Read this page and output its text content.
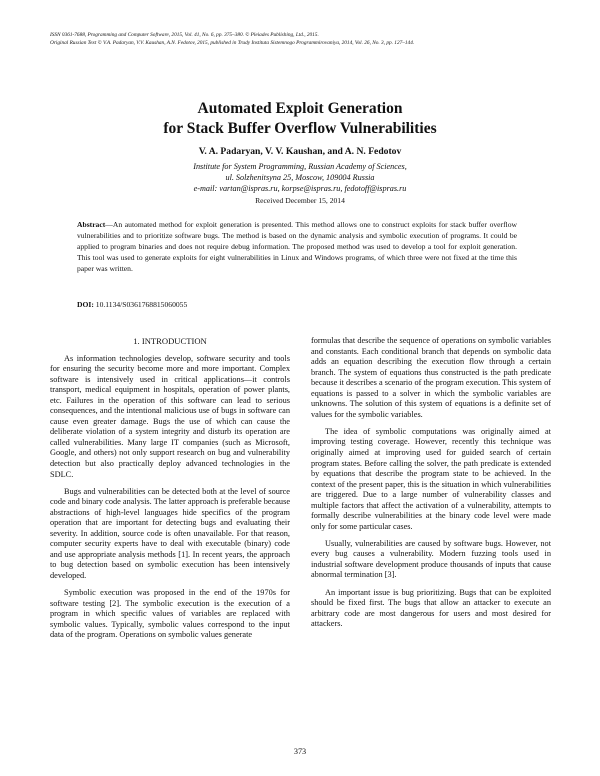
ISSN 0361-7688, Programming and Computer Software, 2015, Vol. 41, No. 6, pp. 375–380. © Pleiades Publishing, Ltd., 2015.
Original Russian Text © V.A. Padaryan, V.V. Kaushan, A.N. Fedotov, 2015, published in Trudy Instituta Sistemnogo Programmirovaniya, 2014, Vol. 26, No. 3, pp. 127–144.
Automated Exploit Generation
for Stack Buffer Overflow Vulnerabilities
V. A. Padaryan, V. V. Kaushan, and A. N. Fedotov
Institute for System Programming, Russian Academy of Sciences,
ul. Solzhenitsyna 25, Moscow, 109004 Russia
e-mail: vartan@ispras.ru, korpse@ispras.ru, fedotoff@ispras.ru
Received December 15, 2014
Abstract—An automated method for exploit generation is presented. This method allows one to construct exploits for stack buffer overflow vulnerabilities and to prioritize software bugs. The method is based on the dynamic analysis and symbolic execution of programs. It could be applied to program binaries and does not require debug information. The proposed method was used to develop a tool for exploit generation. This tool was used to generate exploits for eight vulnerabilities in Linux and Windows programs, of which three were not fixed at the time this paper was written.
DOI: 10.1134/S0361768815060055
1. INTRODUCTION

As information technologies develop, software security and tools for ensuring the security become more and more important. Complex software is intensively used in critical applications—it controls transport, medical equipment in hospitals, operation of power plants, etc. Failures in the operation of this software can lead to serious consequences, and the intentional malicious use of bugs in software can cause even greater damage. Bugs the use of which can cause the deliberate violation of a system integrity and disturb its operation are called vulnerabilities. Many large IT companies (such as Microsoft, Google, and others) not only support research on bug and vulnerability detection but also practically deploy advanced technologies in the SDLC.

Bugs and vulnerabilities can be detected both at the level of source code and binary code analysis. The latter approach is preferable because abstractions of high-level languages hide specifics of the program operation that are important for detecting bugs and evaluating their severity. In addition, source code is often unavailable. For that reason, computer security experts have to deal with executable (binary) code and use appropriate analysis methods [1]. In recent years, the approach to bug detection based on symbolic execution has been intensively developed.

Symbolic execution was proposed in the end of the 1970s for software testing [2]. The symbolic execution is the execution of a program in which specific values of variables are replaced with symbolic values. Typically, symbolic values correspond to the input data of the program. Operations on symbolic values generate

formulas that describe the sequence of operations on symbolic variables and constants. Each conditional branch that depends on symbolic data adds an equation describing the execution flow through a certain branch. The system of equations thus constructed is the path predicate because it describes a scenario of the program execution. This system of equations is passed to a solver in which the symbolic variables are unknowns. The solution of this system of equations is a definite set of values for the symbolic variables.

The idea of symbolic computations was originally aimed at improving testing coverage. However, recently this technique was originally aimed at improving used for guided search of certain program states. Before calling the solver, the path predicate is extended by equations that describe the program state to be achieved. In the context of the present paper, this is the situation in which vulnerabilities are triggered. Due to a large number of vulnerability classes and multiple factors that affect the activation of a vulnerability, attempts to formally describe vulnerabilities at the binary code level were made only for some particular cases.

Usually, vulnerabilities are caused by software bugs. However, not every bug causes a vulnerability. Modern fuzzing tools used in industrial software development produce thousands of inputs that cause abnormal termination [3].

An important issue is bug prioritizing. Bugs that can be exploited should be fixed first. The bugs that allow an attacker to execute an arbitrary code are most dangerous for users and most desired for attackers.

373
